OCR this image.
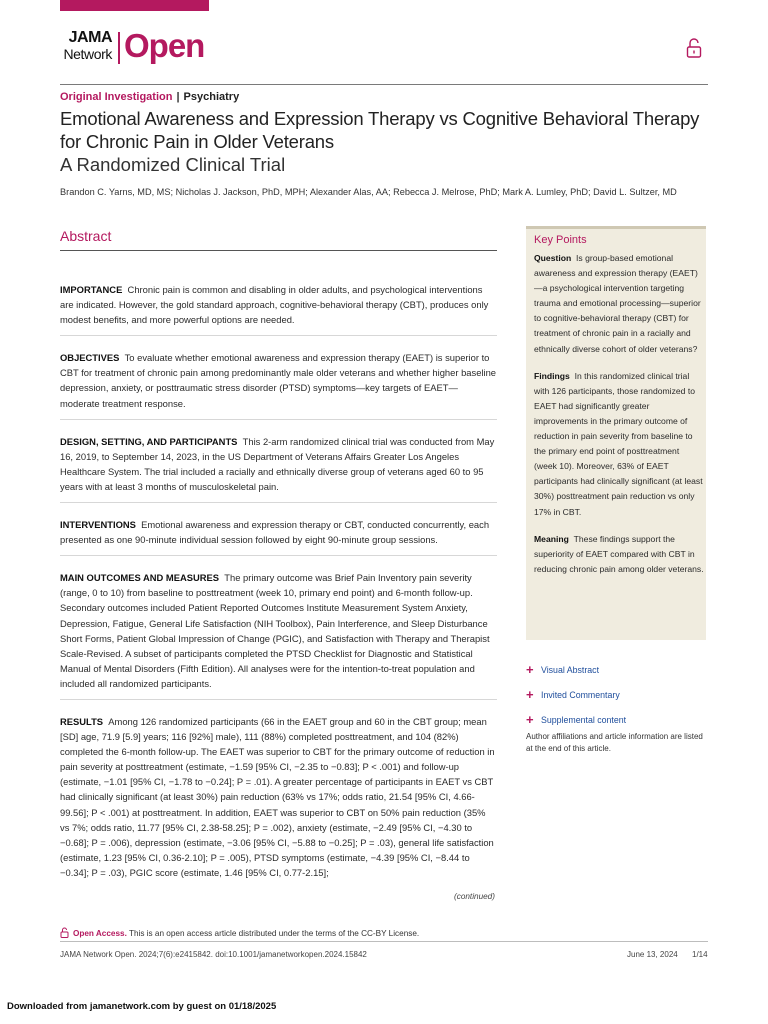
JAMA
Network Open
Original Investigation | Psychiatry
Emotional Awareness and Expression Therapy vs Cognitive Behavioral Therapy for Chronic Pain in Older Veterans
A Randomized Clinical Trial
Brandon C. Yarns, MD, MS; Nicholas J. Jackson, PhD, MPH; Alexander Alas, AA; Rebecca J. Melrose, PhD; Mark A. Lumley, PhD; David L. Sultzer, MD
Abstract

IMPORTANCE Chronic pain is common and disabling in older adults, and psychological interventions are indicated. However, the gold standard approach, cognitive-behavioral therapy (CBT), produces only modest benefits, and more powerful options are needed.

OBJECTIVES To evaluate whether emotional awareness and expression therapy (EAET) is superior to CBT for treatment of chronic pain among predominantly male older veterans and whether higher baseline depression, anxiety, or posttraumatic stress disorder (PTSD) symptoms—key targets of EAET—moderate treatment response.

DESIGN, SETTING, AND PARTICIPANTS This 2-arm randomized clinical trial was conducted from May 16, 2019, to September 14, 2023, in the US Department of Veterans Affairs Greater Los Angeles Healthcare System. The trial included a racially and ethnically diverse group of veterans aged 60 to 95 years with at least 3 months of musculoskeletal pain.

INTERVENTIONS Emotional awareness and expression therapy or CBT, conducted concurrently, each presented as one 90-minute individual session followed by eight 90-minute group sessions.

MAIN OUTCOMES AND MEASURES The primary outcome was Brief Pain Inventory pain severity (range, 0 to 10) from baseline to posttreatment (week 10, primary end point) and 6-month follow-up. Secondary outcomes included Patient Reported Outcomes Institute Measurement System Anxiety, Depression, Fatigue, General Life Satisfaction (NIH Toolbox), Pain Interference, and Sleep Disturbance Short Forms, Patient Global Impression of Change (PGIC), and Satisfaction with Therapy and Therapist Scale-Revised. A subset of participants completed the PTSD Checklist for Diagnostic and Statistical Manual of Mental Disorders (Fifth Edition). All analyses were for the intention-to-treat population and included all randomized participants.

RESULTS Among 126 randomized participants (66 in the EAET group and 60 in the CBT group; mean [SD] age, 71.9 [5.9] years; 116 [92%] male), 111 (88%) completed posttreatment, and 104 (82%) completed the 6-month follow-up. The EAET was superior to CBT for the primary outcome of reduction in pain severity at posttreatment (estimate, −1.59 [95% CI, −2.35 to −0.83]; P < .001) and follow-up (estimate, −1.01 [95% CI, −1.78 to −0.24]; P = .01). A greater percentage of participants in EAET vs CBT had clinically significant (at least 30%) pain reduction (63% vs 17%; odds ratio, 21.54 [95% CI, 4.66-99.56]; P < .001) at posttreatment. In addition, EAET was superior to CBT on 50% pain reduction (35% vs 7%; odds ratio, 11.77 [95% CI, 2.38-58.25]; P = .002), anxiety (estimate, −2.49 [95% CI, −4.30 to −0.68]; P = .006), depression (estimate, −3.06 [95% CI, −5.88 to −0.25]; P = .03), general life satisfaction (estimate, 1.23 [95% CI, 0.36-2.10]; P = .005), PTSD symptoms (estimate, −4.39 [95% CI, −8.44 to −0.34]; P = .03), PGIC score (estimate, 1.46 [95% CI, 0.77-2.15];

(continued)
Key Points

Question Is group-based emotional awareness and expression therapy (EAET)—a psychological intervention targeting trauma and emotional processing—superior to cognitive-behavioral therapy (CBT) for treatment of chronic pain in a racially and ethnically diverse cohort of older veterans?

Findings In this randomized clinical trial with 126 participants, those randomized to EAET had significantly greater improvements in the primary outcome of reduction in pain severity from baseline to the primary end point of posttreatment (week 10). Moreover, 63% of EAET participants had clinically significant (at least 30%) posttreatment pain reduction vs only 17% in CBT.

Meaning These findings support the superiority of EAET compared with CBT in reducing chronic pain among older veterans.

+ Visual Abstract
+ Invited Commentary
+ Supplemental content
Author affiliations and article information are listed at the end of this article.
Open Access. This is an open access article distributed under the terms of the CC-BY License.
JAMA Network Open. 2024;7(6):e2415842. doi:10.1001/jamanetworkopen.2024.15842	June 13, 2024 1/14
Downloaded from jamanetwork.com by guest on 01/18/2025
